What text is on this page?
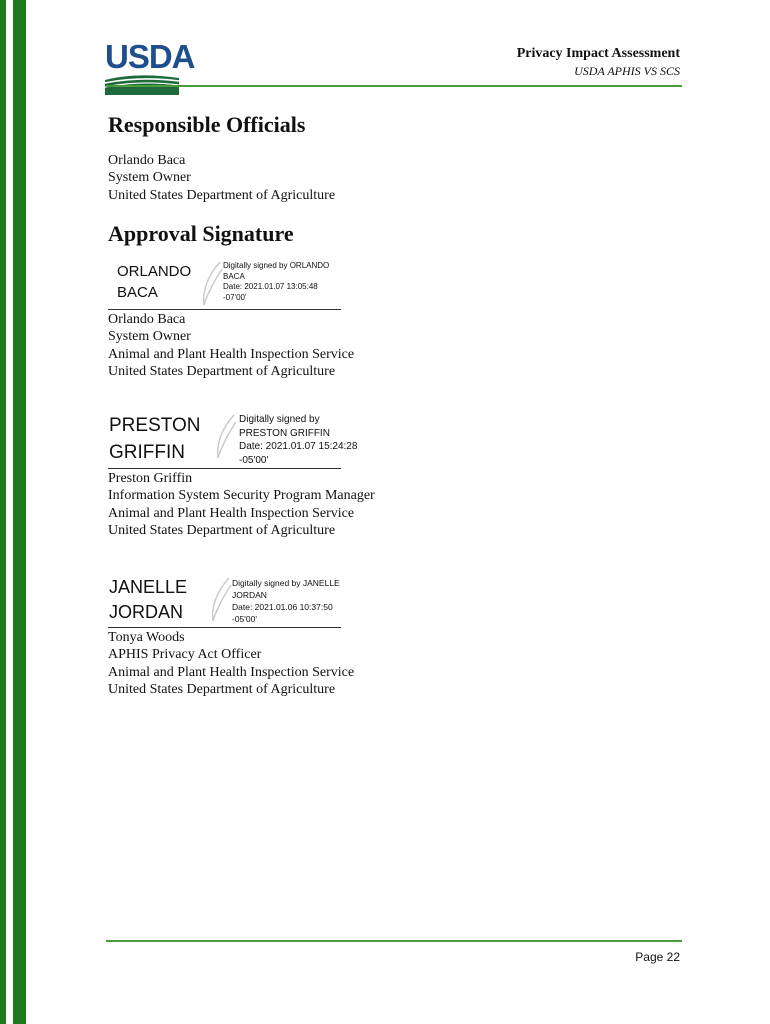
USDA	Privacy Impact Assessment
USDA APHIS VS SCS
Responsible Officials
Orlando Baca
System Owner
United States Department of Agriculture
Approval Signature
ORLANDO
BACA
Digitally signed by ORLANDO
BACA
Date: 2021.01.07 13:05:48
-07'00'
Orlando Baca
System Owner
Animal and Plant Health Inspection Service
United States Department of Agriculture
PRESTON
GRIFFIN
Digitally signed by
PRESTON GRIFFIN
Date: 2021.01.07 15:24:28
-05'00'
Preston Griffin
Information System Security Program Manager
Animal and Plant Health Inspection Service
United States Department of Agriculture
JANELLE
JORDAN
Digitally signed by JANELLE
JORDAN
Date: 2021.01.06 10:37:50
-05'00'
Tonya Woods
APHIS Privacy Act Officer
Animal and Plant Health Inspection Service
United States Department of Agriculture
Page 22
